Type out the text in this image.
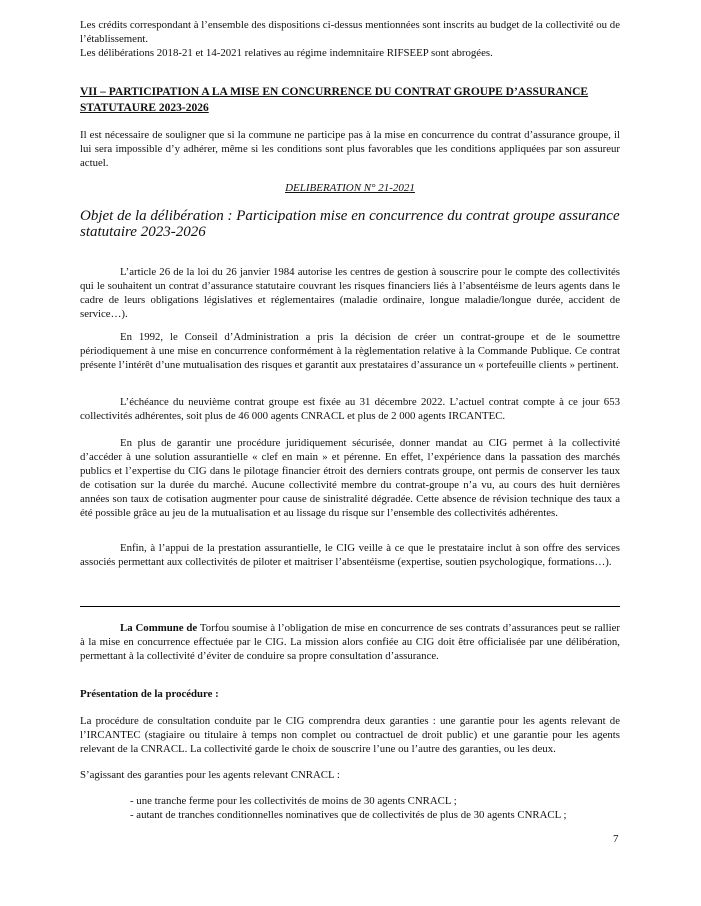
Les crédits correspondant à l’ensemble des dispositions ci-dessus mentionnées sont inscrits au budget de la collectivité ou de l’établissement.
Les délibérations 2018-21 et 14-2021 relatives au régime indemnitaire RIFSEEP sont abrogées.
VII – PARTICIPATION A LA MISE EN CONCURRENCE DU CONTRAT GROUPE D’ASSURANCE STATUTAURE 2023-2026
Il est nécessaire de souligner que si la commune ne participe pas à la mise en concurrence du contrat d’assurance groupe, il lui sera impossible d’y adhérer, même si les conditions sont plus favorables que les conditions appliquées par son assureur actuel.
DELIBERATION N° 21-2021
Objet de la délibération : Participation mise en concurrence du contrat groupe assurance statutaire 2023-2026
L’article 26 de la loi du 26 janvier 1984 autorise les centres de gestion à souscrire pour le compte des collectivités qui le souhaitent un contrat d’assurance statutaire couvrant les risques financiers liés à l’absentéisme de leurs agents dans le cadre de leurs obligations législatives et réglementaires (maladie ordinaire, longue maladie/longue durée, accident de service…).
En 1992, le Conseil d’Administration a pris la décision de créer un contrat-groupe et de le soumettre périodiquement à une mise en concurrence conformément à la règlementation relative à la Commande Publique. Ce contrat présente l’intérêt d’une mutualisation des risques et garantit aux prestataires d’assurance un « portefeuille clients » pertinent.
L’échéance du neuvième contrat groupe est fixée au 31 décembre 2022. L’actuel contrat compte à ce jour 653 collectivités adhérentes, soit plus de 46 000 agents CNRACL et plus de 2 000 agents IRCANTEC.
En plus de garantir une procédure juridiquement sécurisée, donner mandat au CIG permet à la collectivité d’accéder à une solution assurantielle « clef en main » et pérenne. En effet, l’expérience dans la passation des marchés publics et l’expertise du CIG dans le pilotage financier étroit des derniers contrats groupe, ont permis de conserver les taux de cotisation sur la durée du marché. Aucune collectivité membre du contrat-groupe n’a vu, au cours des huit dernières années son taux de cotisation augmenter pour cause de sinistralité dégradée. Cette absence de révision technique des taux a été possible grâce au jeu de la mutualisation et au lissage du risque sur l’ensemble des collectivités adhérentes.
Enfin, à l’appui de la prestation assurantielle, le CIG veille à ce que le prestataire inclut à son offre des services associés permettant aux collectivités de piloter et maitriser l’absentéisme (expertise, soutien psychologique, formations…).
La Commune de Torfou soumise à l’obligation de mise en concurrence de ses contrats d’assurances peut se rallier à la mise en concurrence effectuée par le CIG. La mission alors confiée au CIG doit être officialisée par une délibération, permettant à la collectivité d’éviter de conduire sa propre consultation d’assurance.
Présentation de la procédure :
La procédure de consultation conduite par le CIG comprendra deux garanties : une garantie pour les agents relevant de l’IRCANTEC (stagiaire ou titulaire à temps non complet ou contractuel de droit public) et une garantie pour les agents relevant de la CNRACL. La collectivité garde le choix de souscrire l’une ou l’autre des garanties, ou les deux.
S’agissant des garanties pour les agents relevant CNRACL :
- une tranche ferme pour les collectivités de moins de 30 agents CNRACL ;
- autant de tranches conditionnelles nominatives que de collectivités de plus de 30 agents CNRACL ;
7
